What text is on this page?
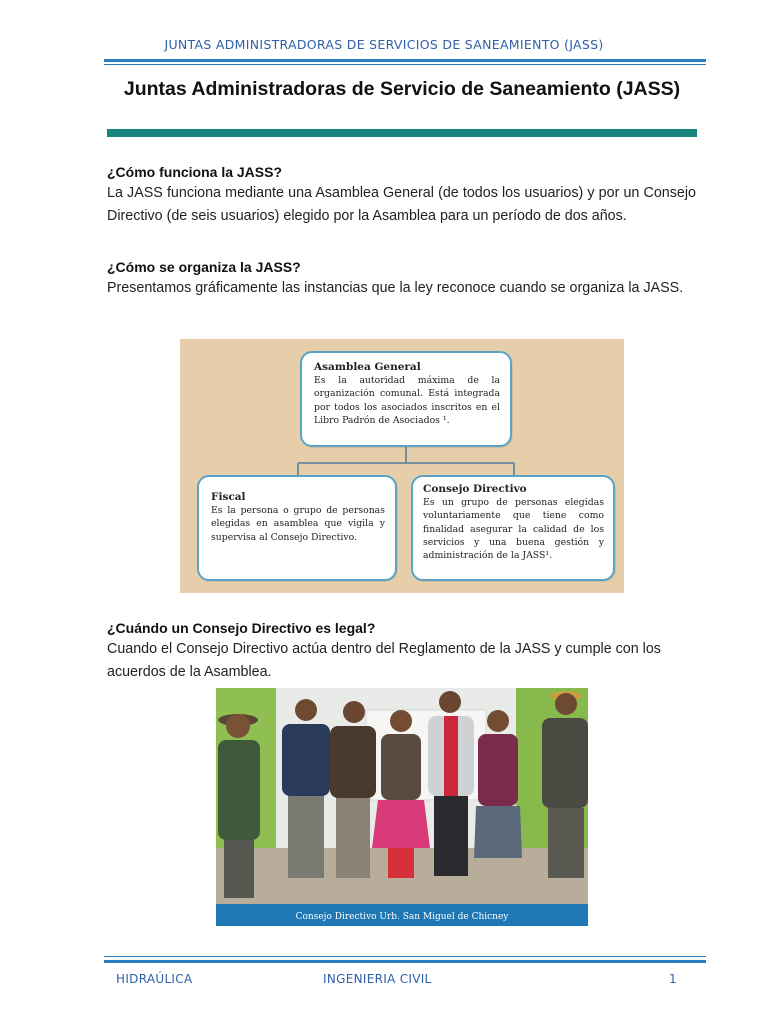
JUNTAS ADMINISTRADORAS DE SERVICIOS DE SANEAMIENTO (JASS)
Juntas Administradoras de Servicio de Saneamiento (JASS)

¿Cómo funciona la JASS?

La JASS funciona mediante una Asamblea General (de todos los usuarios) y por un Consejo Directivo (de seis usuarios) elegido por la Asamblea para un período de dos años.

¿Cómo se organiza la JASS?

Presentamos gráficamente las instancias que la ley reconoce cuando se organiza la JASS.

Asamblea General
Es la autoridad máxima de la organización comunal. Está integrada por todos los asociados inscritos en el Libro Padrón de Asociados ¹.
Fiscal
Es la persona o grupo de personas elegidas en asamblea que vigila y supervisa al Consejo Directivo.
Consejo Directivo
Es un grupo de personas elegidas voluntariamente que tiene como finalidad asegurar la calidad de los servicios y una buena gestión y administración de la JASS¹.

¿Cuándo un Consejo Directivo es legal?

Cuando el Consejo Directivo actúa dentro del Reglamento de la JASS y cumple con los acuerdos de la Asamblea.

Consejo Directivo Urb. San Miguel de Chicney
HIDRAÚLICA	INGENIERIA CIVIL	1
